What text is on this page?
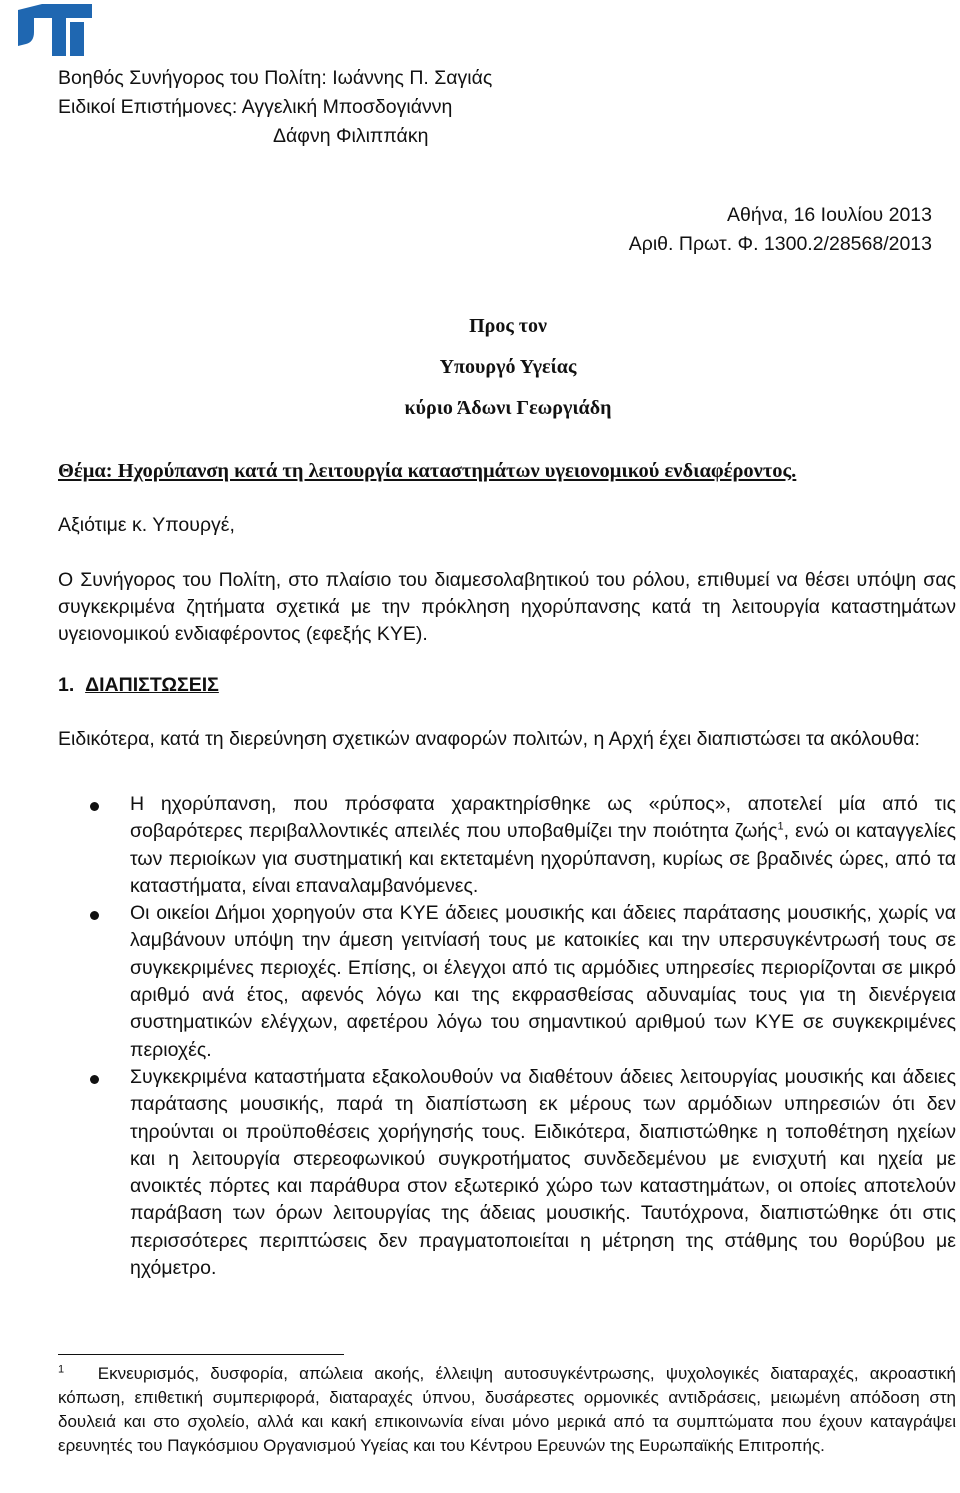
Βοηθός Συνήγορος του Πολίτη: Ιωάννης Π. Σαγιάς
Ειδικοί Επιστήμονες: Αγγελική Μποσδογιάννη
Δάφνη Φιλιππάκη
Αθήνα, 16 Ιουλίου 2013
Αριθ. Πρωτ. Φ. 1300.2/28568/2013
Προς τον
Υπουργό Υγείας
κύριο Άδωνι Γεωργιάδη
Θέμα: Ηχορύπανση κατά τη λειτουργία καταστημάτων υγειονομικού ενδιαφέροντος.
Αξιότιμε κ. Υπουργέ,
Ο Συνήγορος του Πολίτη, στο πλαίσιο του διαμεσολαβητικού του ρόλου, επιθυμεί να θέσει υπόψη σας συγκεκριμένα ζητήματα σχετικά με την πρόκληση ηχορύπανσης κατά τη λειτουργία καταστημάτων υγειονομικού ενδιαφέροντος (εφεξής ΚΥΕ).
1. ΔΙΑΠΙΣΤΩΣΕΙΣ
Ειδικότερα, κατά τη διερεύνηση σχετικών αναφορών πολιτών, η Αρχή έχει διαπιστώσει τα ακόλουθα:
Η ηχορύπανση, που πρόσφατα χαρακτηρίσθηκε ως «ρύπος», αποτελεί μία από τις σοβαρότερες περιβαλλοντικές απειλές που υποβαθμίζει την ποιότητα ζωής$^1$, ενώ οι καταγγελίες των περιοίκων για συστηματική και εκτεταμένη ηχορύπανση, κυρίως σε βραδινές ώρες, από τα καταστήματα, είναι επαναλαμβανόμενες.
Οι οικείοι Δήμοι χορηγούν στα ΚΥΕ άδειες μουσικής και άδειες παράτασης μουσικής, χωρίς να λαμβάνουν υπόψη την άμεση γειτνίασή τους με κατοικίες και την υπερσυγκέντρωσή τους σε συγκεκριμένες περιοχές. Επίσης, οι έλεγχοι από τις αρμόδιες υπηρεσίες περιορίζονται σε μικρό αριθμό ανά έτος, αφενός λόγω και της εκφρασθείσας αδυναμίας τους για τη διενέργεια συστηματικών ελέγχων, αφετέρου λόγω του σημαντικού αριθμού των ΚΥΕ σε συγκεκριμένες περιοχές.
Συγκεκριμένα καταστήματα εξακολουθούν να διαθέτουν άδειες λειτουργίας μουσικής και άδειες παράτασης μουσικής, παρά τη διαπίστωση εκ μέρους των αρμόδιων υπηρεσιών ότι δεν τηρούνται οι προϋποθέσεις χορήγησής τους. Ειδικότερα, διαπιστώθηκε η τοποθέτηση ηχείων και η λειτουργία στερεοφωνικού συγκροτήματος συνδεδεμένου με ενισχυτή και ηχεία με ανοικτές πόρτες και παράθυρα στον εξωτερικό χώρο των καταστημάτων, οι οποίες αποτελούν παράβαση των όρων λειτουργίας της άδειας μουσικής. Ταυτόχρονα, διαπιστώθηκε ότι στις περισσότερες περιπτώσεις δεν πραγματοποιείται η μέτρηση της στάθμης του θορύβου με ηχόμετρο.
$^1$ Εκνευρισμός, δυσφορία, απώλεια ακοής, έλλειψη αυτοσυγκέντρωσης, ψυχολογικές διαταραχές, ακροαστική κόπωση, επιθετική συμπεριφορά, διαταραχές ύπνου, δυσάρεστες ορμονικές αντιδράσεις, μειωμένη απόδοση στη δουλειά και στο σχολείο, αλλά και κακή επικοινωνία είναι μόνο μερικά από τα συμπτώματα που έχουν καταγράψει ερευνητές του Παγκόσμιου Οργανισμού Υγείας και του Κέντρου Ερευνών της Ευρωπαϊκής Επιτροπής.
